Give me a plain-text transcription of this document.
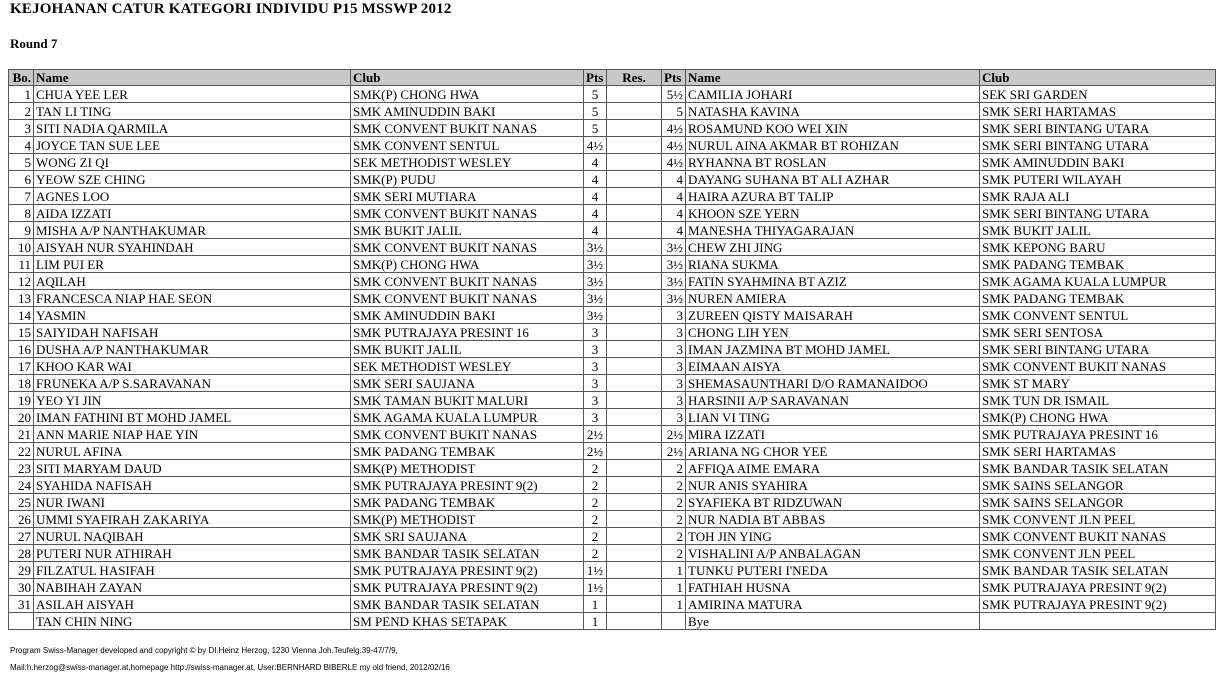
KEJOHANAN CATUR KATEGORI INDIVIDU P15 MSSWP 2012
Round 7
Bo.	Name	Club	Pts	Res.	Pts	Name	Club
1	CHUA YEE LER	SMK(P) CHONG HWA	5		5½	CAMILIA JOHARI	SEK SRI GARDEN
2	TAN LI TING	SMK AMINUDDIN BAKI	5		5	NATASHA KAVINA	SMK SERI HARTAMAS
3	SITI NADIA QARMILA	SMK CONVENT BUKIT NANAS	5		4½	ROSAMUND KOO WEI XIN	SMK SERI BINTANG UTARA
4	JOYCE TAN SUE LEE	SMK CONVENT SENTUL	4½		4½	NURUL AINA AKMAR BT ROHIZAN	SMK SERI BINTANG UTARA
5	WONG ZI QI	SEK METHODIST WESLEY	4		4½	RYHANNA BT ROSLAN	SMK AMINUDDIN BAKI
6	YEOW SZE CHING	SMK(P) PUDU	4		4	DAYANG SUHANA BT ALI AZHAR	SMK PUTERI WILAYAH
7	AGNES LOO	SMK SERI MUTIARA	4		4	HAIRA AZURA BT TALIP	SMK RAJA ALI
8	AIDA IZZATI	SMK CONVENT BUKIT NANAS	4		4	KHOON SZE YERN	SMK SERI BINTANG UTARA
9	MISHA A/P NANTHAKUMAR	SMK BUKIT JALIL	4		4	MANESHA THIYAGARAJAN	SMK BUKIT JALIL
10	AISYAH NUR SYAHINDAH	SMK CONVENT BUKIT NANAS	3½		3½	CHEW ZHI JING	SMK KEPONG BARU
11	LIM PUI ER	SMK(P) CHONG HWA	3½		3½	RIANA SUKMA	SMK PADANG TEMBAK
12	AQILAH	SMK CONVENT BUKIT NANAS	3½		3½	FATIN SYAHMINA BT AZIZ	SMK AGAMA KUALA LUMPUR
13	FRANCESCA NIAP HAE SEON	SMK CONVENT BUKIT NANAS	3½		3½	NUREN AMIERA	SMK PADANG TEMBAK
14	YASMIN	SMK AMINUDDIN BAKI	3½		3	ZUREEN QISTY MAISARAH	SMK CONVENT SENTUL
15	SAIYIDAH NAFISAH	SMK PUTRAJAYA PRESINT 16	3		3	CHONG LIH YEN	SMK SERI SENTOSA
16	DUSHA A/P NANTHAKUMAR	SMK BUKIT JALIL	3		3	IMAN JAZMINA BT MOHD JAMEL	SMK SERI BINTANG UTARA
17	KHOO KAR WAI	SEK METHODIST WESLEY	3		3	EIMAAN AISYA	SMK CONVENT BUKIT NANAS
18	FRUNEKA A/P S.SARAVANAN	SMK SERI SAUJANA	3		3	SHEMASAUNTHARI D/O RAMANAIDOO	SMK ST MARY
19	YEO YI JIN	SMK TAMAN BUKIT MALURI	3		3	HARSINII A/P SARAVANAN	SMK TUN DR ISMAIL
20	IMAN FATHINI BT MOHD JAMEL	SMK AGAMA KUALA LUMPUR	3		3	LIAN VI TING	SMK(P) CHONG HWA
21	ANN MARIE NIAP HAE YIN	SMK CONVENT BUKIT NANAS	2½		2½	MIRA IZZATI	SMK PUTRAJAYA PRESINT 16
22	NURUL AFINA	SMK PADANG TEMBAK	2½		2½	ARIANA NG CHOR YEE	SMK SERI HARTAMAS
23	SITI MARYAM DAUD	SMK(P) METHODIST	2		2	AFFIQA AIME EMARA	SMK BANDAR TASIK SELATAN
24	SYAHIDA NAFISAH	SMK PUTRAJAYA PRESINT 9(2)	2		2	NUR ANIS SYAHIRA	SMK SAINS SELANGOR
25	NUR IWANI	SMK PADANG TEMBAK	2		2	SYAFIEKA BT RIDZUWAN	SMK SAINS SELANGOR
26	UMMI SYAFIRAH ZAKARIYA	SMK(P) METHODIST	2		2	NUR NADIA BT ABBAS	SMK CONVENT JLN PEEL
27	NURUL NAQIBAH	SMK SRI SAUJANA	2		2	TOH JIN YING	SMK CONVENT BUKIT NANAS
28	PUTERI NUR ATHIRAH	SMK BANDAR TASIK SELATAN	2		2	VISHALINI A/P ANBALAGAN	SMK CONVENT JLN PEEL
29	FILZATUL HASIFAH	SMK PUTRAJAYA PRESINT 9(2)	1½		1	TUNKU PUTERI I'NEDA	SMK BANDAR TASIK SELATAN
30	NABIHAH ZAYAN	SMK PUTRAJAYA PRESINT 9(2)	1½		1	FATHIAH HUSNA	SMK PUTRAJAYA PRESINT 9(2)
31	ASILAH AISYAH	SMK BANDAR TASIK SELATAN	1		1	AMIRINA MATURA	SMK PUTRAJAYA PRESINT 9(2)
	TAN CHIN NING	SM PEND KHAS SETAPAK	1			Bye	
Program Swiss-Manager developed and copyright © by DI.Heinz Herzog, 1230 Vienna Joh.Teufelg.39-47/7/9,
Mail:h.herzog@swiss-manager.at,homepage http://swiss-manager.at, User:BERNHARD BIBERLE my old friend, 2012/02/16
